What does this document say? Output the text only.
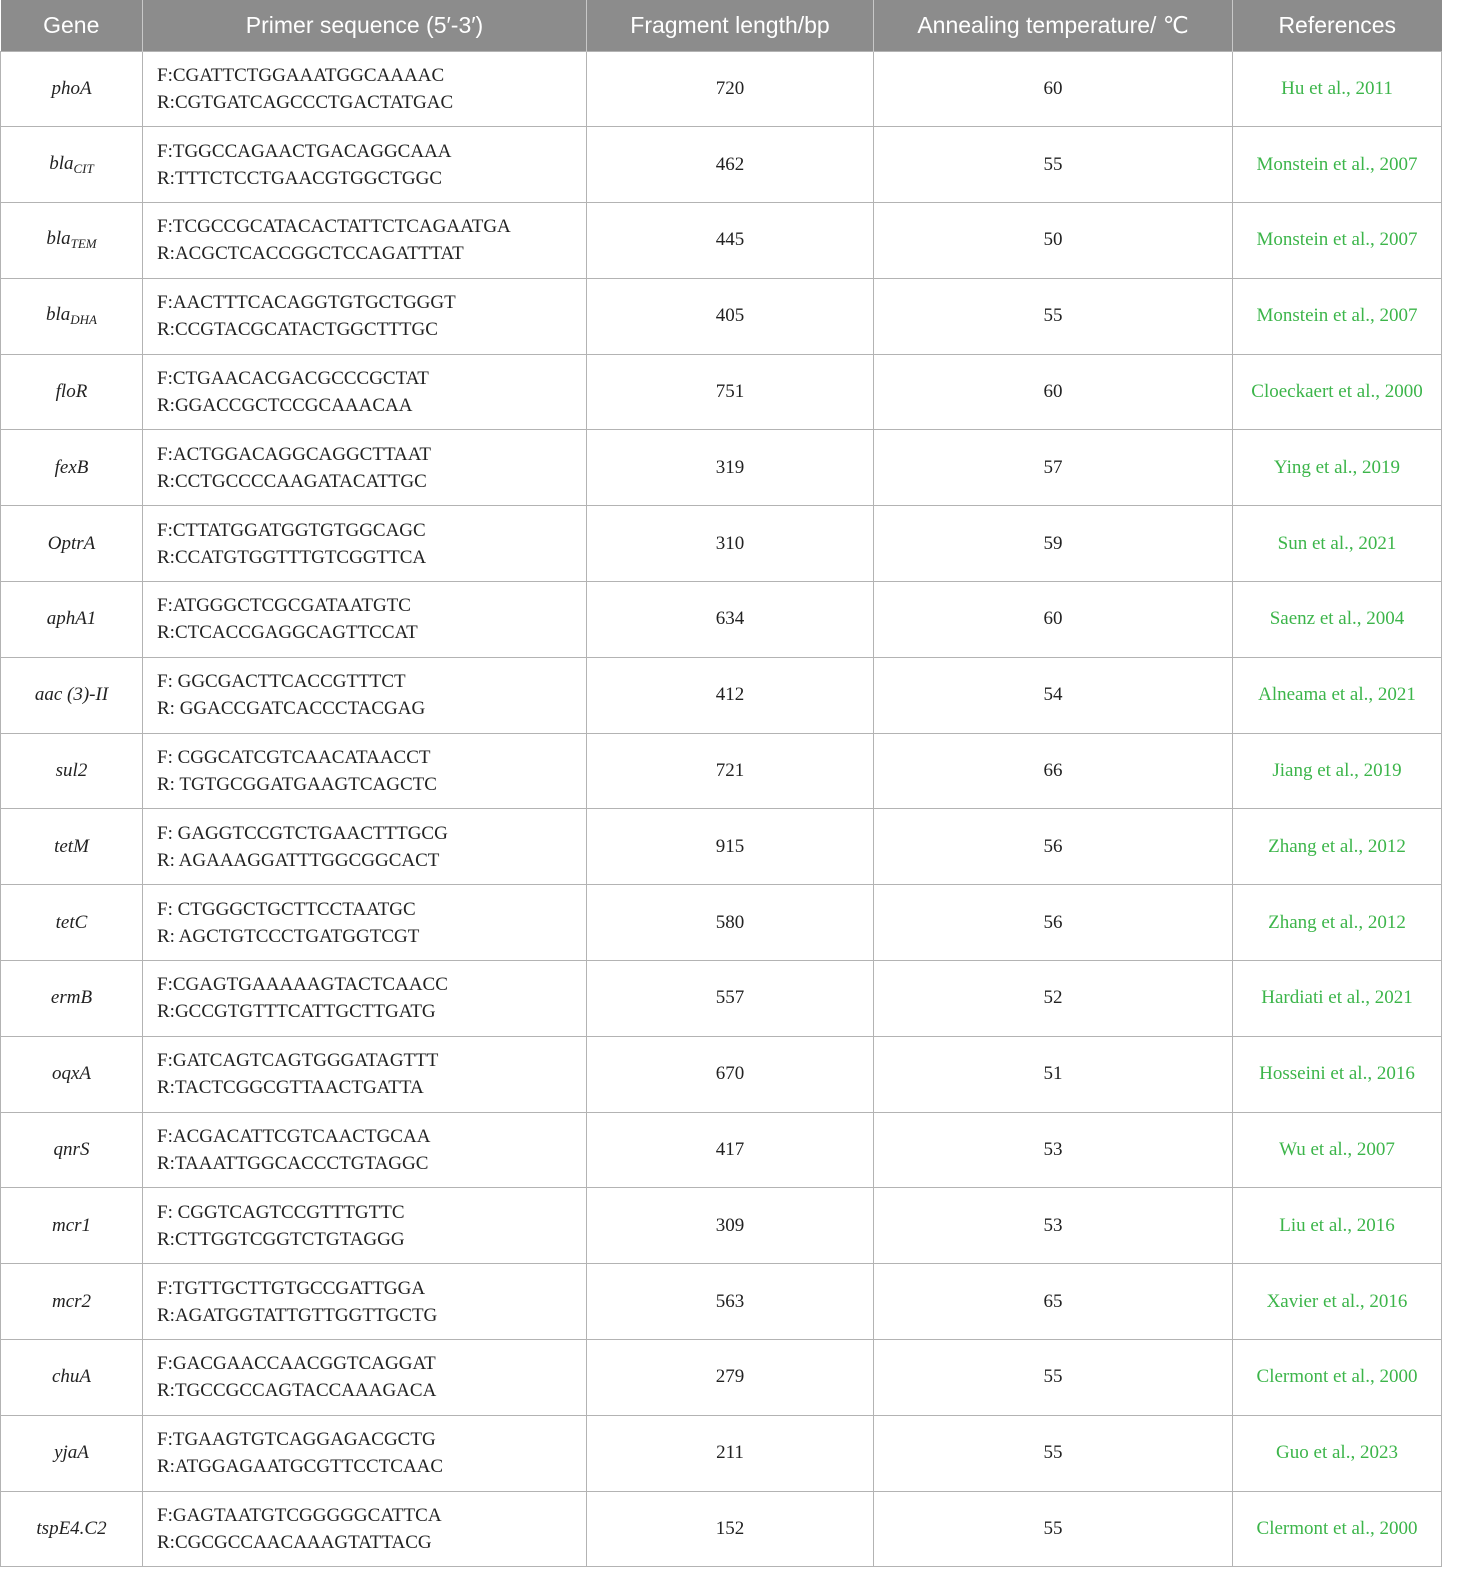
Gene	Primer sequence (5′-3′)	Fragment length/bp	Annealing temperature/ ℃	References
phoA	F:CGATTCTGGAAATGGCAAAAC
R:CGTGATCAGCCCTGACTATGAC	720	60	Hu et al., 2011
bla$_{CIT}$	F:TGGCCAGAACTGACAGGCAAA
R:TTTCTCCTGAACGTGGCTGGC	462	55	Monstein et al., 2007
bla$_{TEM}$	F:TCGCCGCATACACTATTCTCAGAATGA
R:ACGCTCACCGGCTCCAGATTTAT	445	50	Monstein et al., 2007
bla$_{DHA}$	F:AACTTTCACAGGTGTGCTGGGT
R:CCGTACGCATACTGGCTTTGC	405	55	Monstein et al., 2007
floR	F:CTGAACACGACGCCCGCTAT
R:GGACCGCTCCGCAAACAA	751	60	Cloeckaert et al., 2000
fexB	F:ACTGGACAGGCAGGCTTAAT
R:CCTGCCCCAAGATACATTGC	319	57	Ying et al., 2019
OptrA	F:CTTATGGATGGTGTGGCAGC
R:CCATGTGGTTTGTCGGTTCA	310	59	Sun et al., 2021
aphA1	F:ATGGGCTCGCGATAATGTC
R:CTCACCGAGGCAGTTCCAT	634	60	Saenz et al., 2004
aac (3)-II	F: GGCGACTTCACCGTTTCT
R: GGACCGATCACCCTACGAG	412	54	Alneama et al., 2021
sul2	F: CGGCATCGTCAACATAACCT
R: TGTGCGGATGAAGTCAGCTC	721	66	Jiang et al., 2019
tetM	F: GAGGTCCGTCTGAACTTTGCG
R: AGAAAGGATTTGGCGGCACT	915	56	Zhang et al., 2012
tetC	F: CTGGGCTGCTTCCTAATGC
R: AGCTGTCCCTGATGGTCGT	580	56	Zhang et al., 2012
ermB	F:CGAGTGAAAAAGTACTCAACC
R:GCCGTGTTTCATTGCTTGATG	557	52	Hardiati et al., 2021
oqxA	F:GATCAGTCAGTGGGATAGTTT
R:TACTCGGCGTTAACTGATTA	670	51	Hosseini et al., 2016
qnrS	F:ACGACATTCGTCAACTGCAA
R:TAAATTGGCACCCTGTAGGC	417	53	Wu et al., 2007
mcr1	F: CGGTCAGTCCGTTTGTTC
R:CTTGGTCGGTCTGTAGGG	309	53	Liu et al., 2016
mcr2	F:TGTTGCTTGTGCCGATTGGA
R:AGATGGTATTGTTGGTTGCTG	563	65	Xavier et al., 2016
chuA	F:GACGAACCAACGGTCAGGAT
R:TGCCGCCAGTACCAAAGACA	279	55	Clermont et al., 2000
yjaA	F:TGAAGTGTCAGGAGACGCTG
R:ATGGAGAATGCGTTCCTCAAC	211	55	Guo et al., 2023
tspE4.C2	F:GAGTAATGTCGGGGGCATTCA
R:CGCGCCAACAAAGTATTACG	152	55	Clermont et al., 2000
